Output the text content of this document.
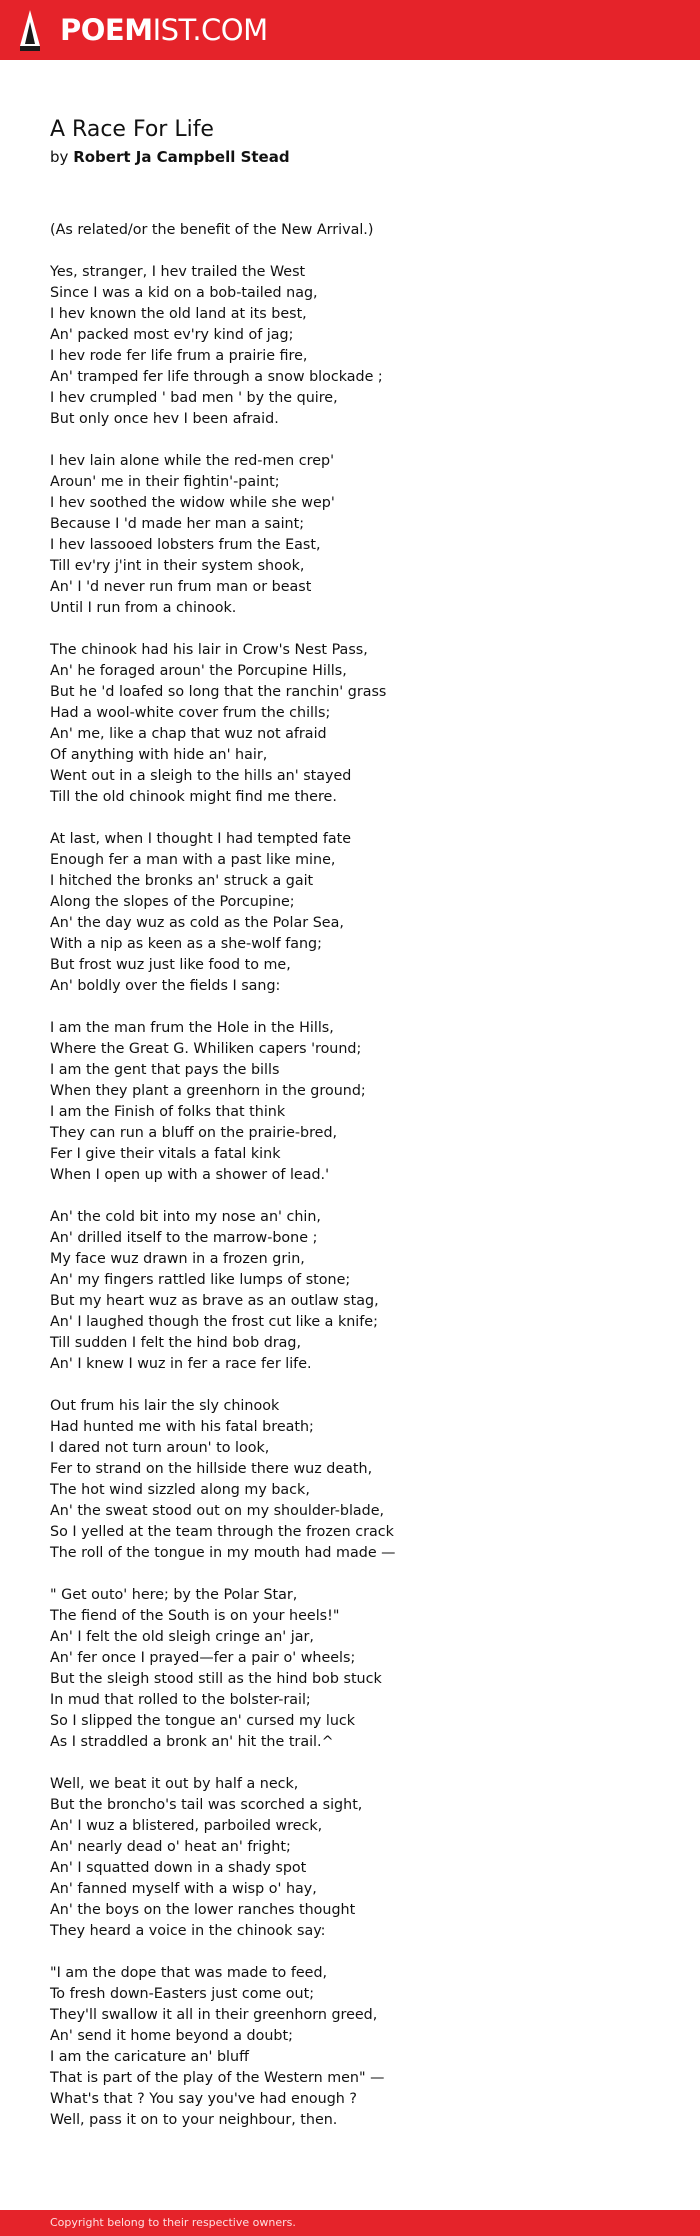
POEMIST.COM
A Race For Life
by Robert Ja Campbell Stead
(As related/or the benefit of the New Arrival.)
Yes, stranger, I hev trailed the West
Since I was a kid on a bob-tailed nag,
I hev known the old land at its best,
An' packed most ev'ry kind of jag;
I hev rode fer life frum a prairie fire,
An' tramped fer life through a snow blockade ;
I hev crumpled ' bad men ' by the quire,
But only once hev I been afraid.
I hev lain alone while the red-men crep'
Aroun' me in their fightin'-paint;
I hev soothed the widow while she wep'
Because I 'd made her man a saint;
I hev lassooed lobsters frum the East,
Till ev'ry j'int in their system shook,
An' I 'd never run frum man or beast
Until I run from a chinook.
The chinook had his lair in Crow's Nest Pass,
An' he foraged aroun' the Porcupine Hills,
But he 'd loafed so long that the ranchin' grass
Had a wool-white cover frum the chills;
An' me, like a chap that wuz not afraid
Of anything with hide an' hair,
Went out in a sleigh to the hills an' stayed
Till the old chinook might find me there.
At last, when I thought I had tempted fate
Enough fer a man with a past like mine,
I hitched the bronks an' struck a gait
Along the slopes of the Porcupine;
An' the day wuz as cold as the Polar Sea,
With a nip as keen as a she-wolf fang;
But frost wuz just like food to me,
An' boldly over the fields I sang:
I am the man frum the Hole in the Hills,
Where the Great G. Whiliken capers 'round;
I am the gent that pays the bills
When they plant a greenhorn in the ground;
I am the Finish of folks that think
They can run a bluff on the prairie-bred,
Fer I give their vitals a fatal kink
When I open up with a shower of lead.'
An' the cold bit into my nose an' chin,
An' drilled itself to the marrow-bone ;
My face wuz drawn in a frozen grin,
An' my fingers rattled like lumps of stone;
But my heart wuz as brave as an outlaw stag,
An' I laughed though the frost cut like a knife;
Till sudden I felt the hind bob drag,
An' I knew I wuz in fer a race fer life.
Out frum his lair the sly chinook
Had hunted me with his fatal breath;
I dared not turn aroun' to look,
Fer to strand on the hillside there wuz death,
The hot wind sizzled along my back,
An' the sweat stood out on my shoulder-blade,
So I yelled at the team through the frozen crack
The roll of the tongue in my mouth had made —
" Get outo' here; by the Polar Star,
The fiend of the South is on your heels!"
An' I felt the old sleigh cringe an' jar,
An' fer once I prayed—fer a pair o' wheels;
But the sleigh stood still as the hind bob stuck
In mud that rolled to the bolster-rail;
So I slipped the tongue an' cursed my luck
As I straddled a bronk an' hit the trail.^
Well, we beat it out by half a neck,
But the broncho's tail was scorched a sight,
An' I wuz a blistered, parboiled wreck,
An' nearly dead o' heat an' fright;
An' I squatted down in a shady spot
An' fanned myself with a wisp o' hay,
An' the boys on the lower ranches thought
They heard a voice in the chinook say:
"I am the dope that was made to feed,
To fresh down-Easters just come out;
They'll swallow it all in their greenhorn greed,
An' send it home beyond a doubt;
I am the caricature an' bluff
That is part of the play of the Western men" —
What's that ? You say you've had enough ?
Well, pass it on to your neighbour, then.
Copyright belong to their respective owners.
